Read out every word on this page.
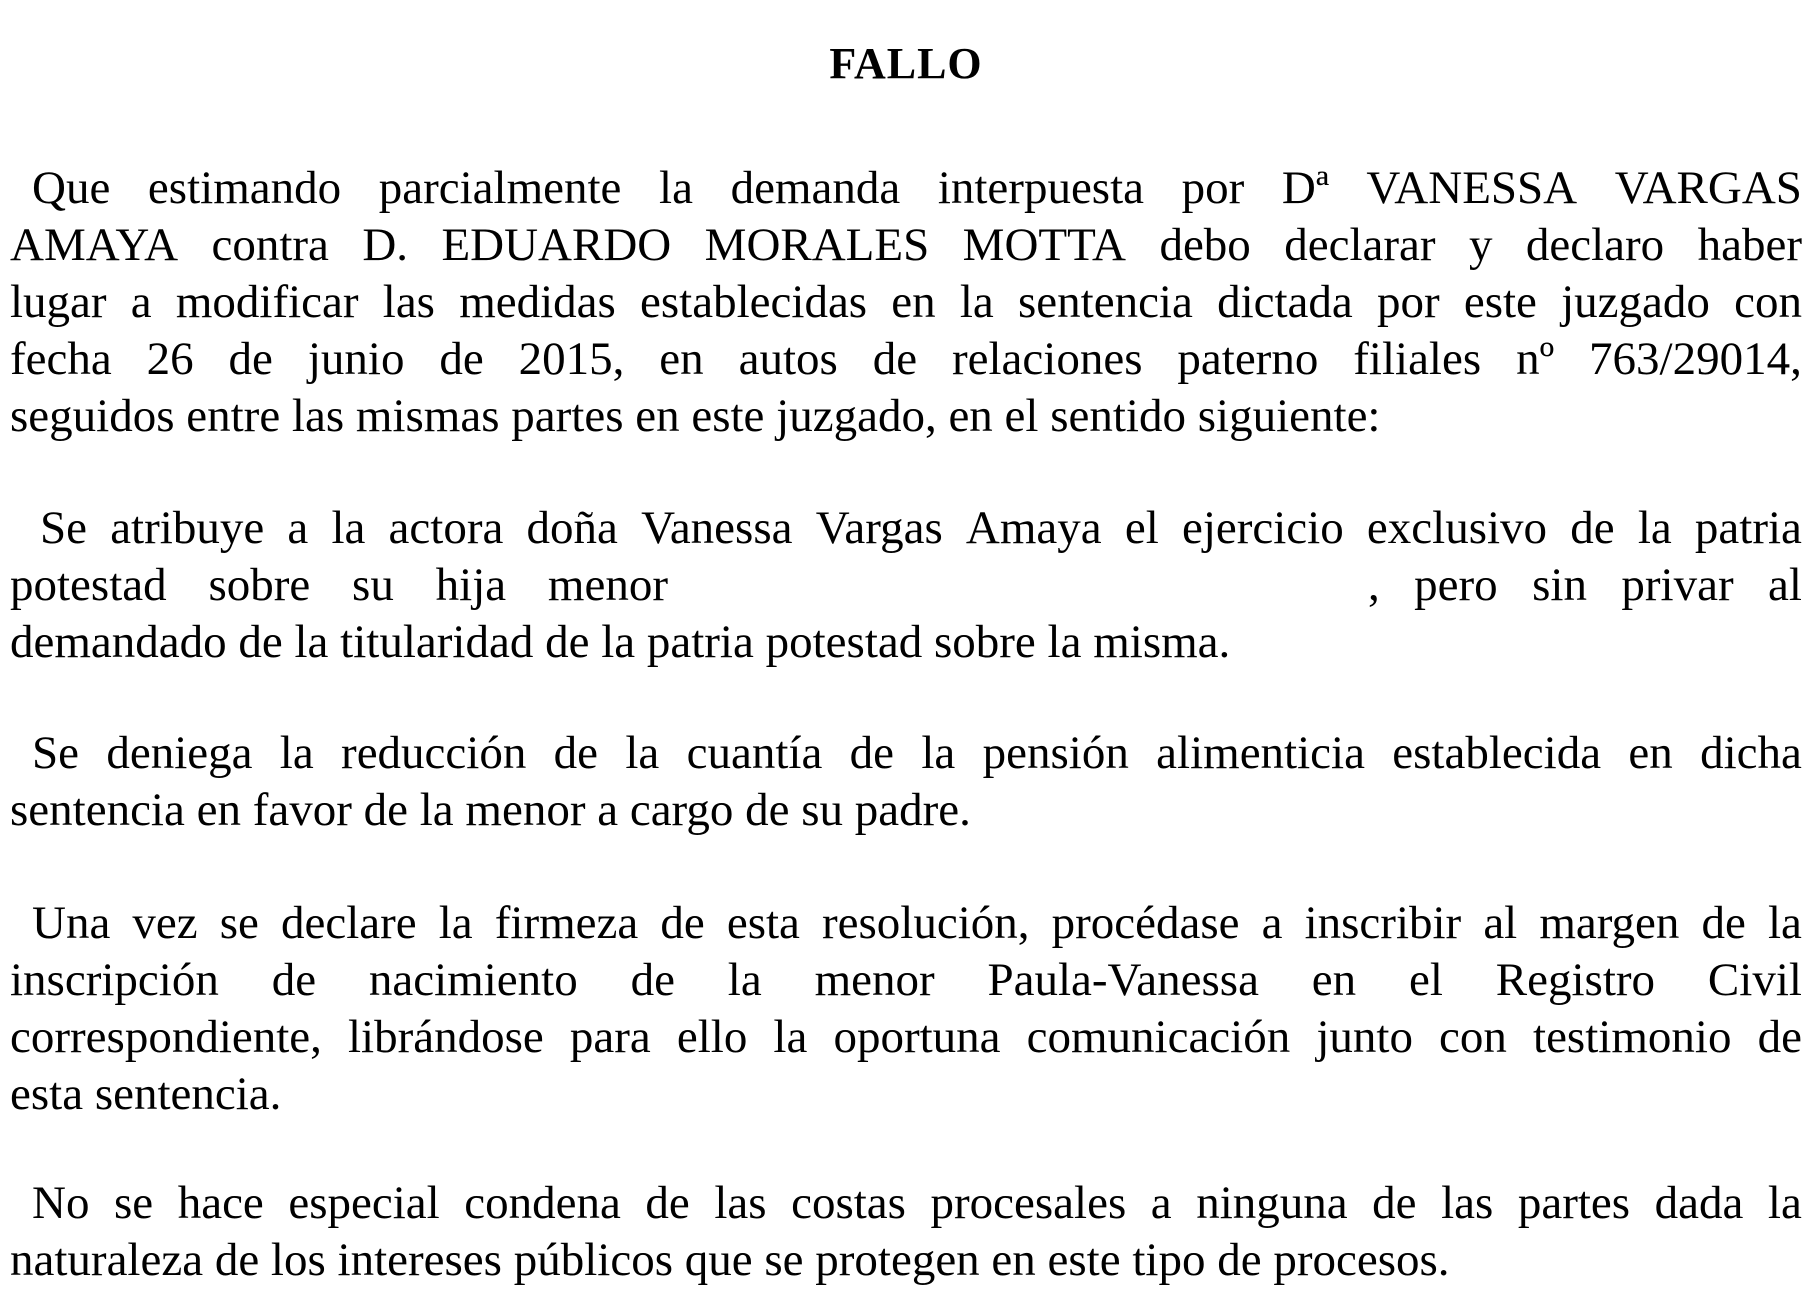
FALLO
Que estimando parcialmente la demanda interpuesta por Dª VANESSA VARGAS
AMAYA contra D. EDUARDO MORALES MOTTA debo declarar y declaro haber
lugar a modificar las medidas establecidas en la sentencia dictada por este juzgado con
fecha 26 de junio de 2015, en autos de relaciones paterno filiales nº 763/29014,
seguidos entre las mismas partes en este juzgado, en el sentido siguiente:
Se atribuye a la actora doña Vanessa Vargas Amaya el ejercicio exclusivo de la patria
potestad sobre su hija menor	, pero sin privar al
demandado de la titularidad de la patria potestad sobre la misma.
Se deniega la reducción de la cuantía de la pensión alimenticia establecida en dicha
sentencia en favor de la menor a cargo de su padre.
Una vez se declare la firmeza de esta resolución, procédase a inscribir al margen de la
inscripción de nacimiento de la menor Paula-Vanessa en el Registro Civil
correspondiente, librándose para ello la oportuna comunicación junto con testimonio de
esta sentencia.
No se hace especial condena de las costas procesales a ninguna de las partes dada la
naturaleza de los intereses públicos que se protegen en este tipo de procesos.
